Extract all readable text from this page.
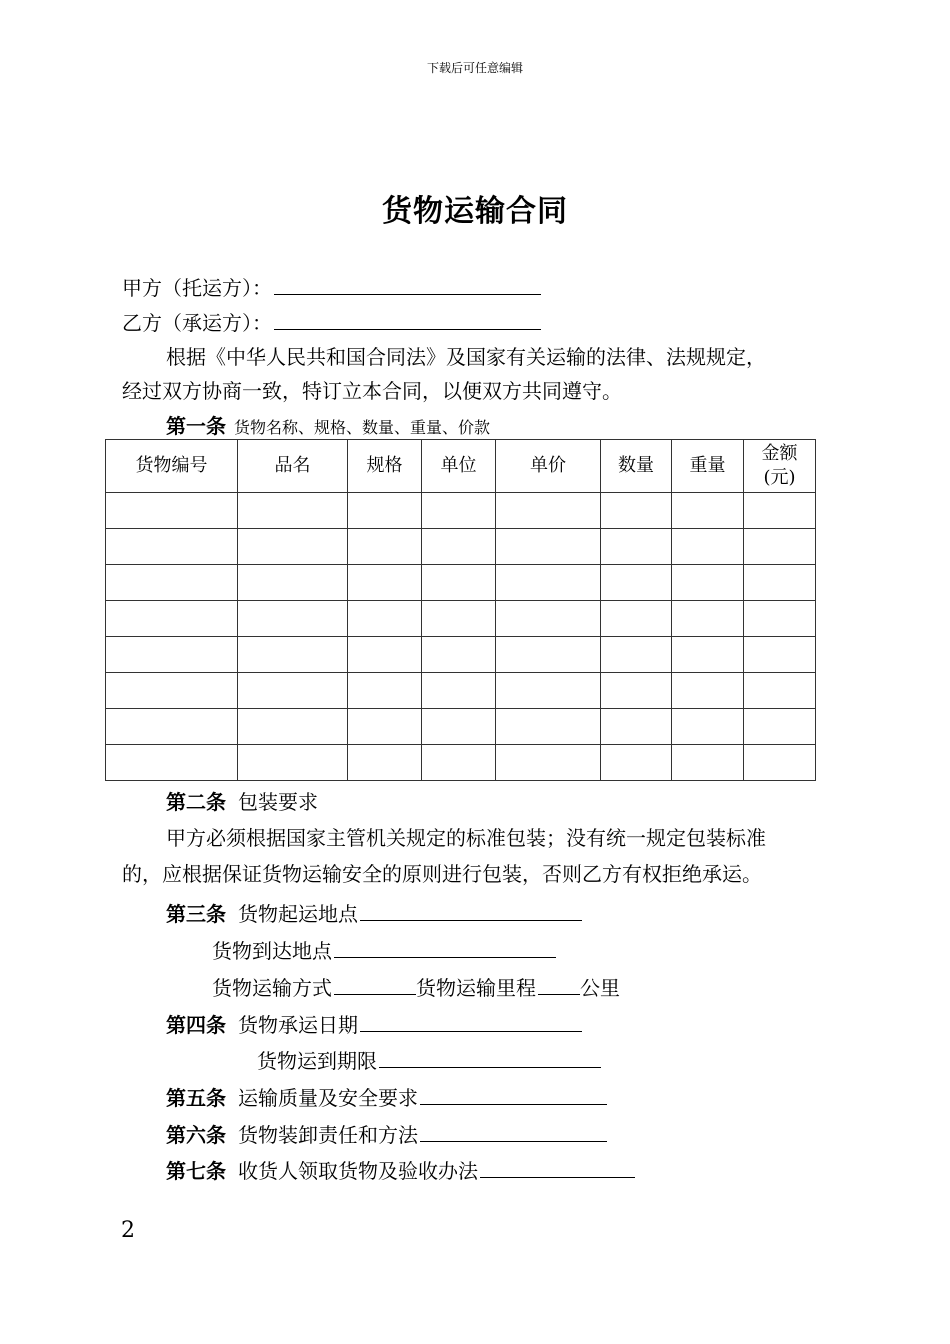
下载后可任意编辑
货物运输合同
甲方（托运方）：
乙方（承运方）：
根据《中华人民共和国合同法》及国家有关运输的法律、法规规定，
经过双方协商一致，特订立本合同，以便双方共同遵守。
第一条 货物名称、规格、数量、重量、价款
货物编号	品名	规格	单位	单价	数量	重量	金额
(元)

第二条 包装要求
甲方必须根据国家主管机关规定的标准包装；没有统一规定包装标准
的，应根据保证货物运输安全的原则进行包装，否则乙方有权拒绝承运。
第三条 货物起运地点
货物到达地点
货物运输方式	货物运输里程 公里
第四条 货物承运日期
货物运到期限
第五条 运输质量及安全要求
第六条 货物装卸责任和方法
第七条 收货人领取货物及验收办法
2
